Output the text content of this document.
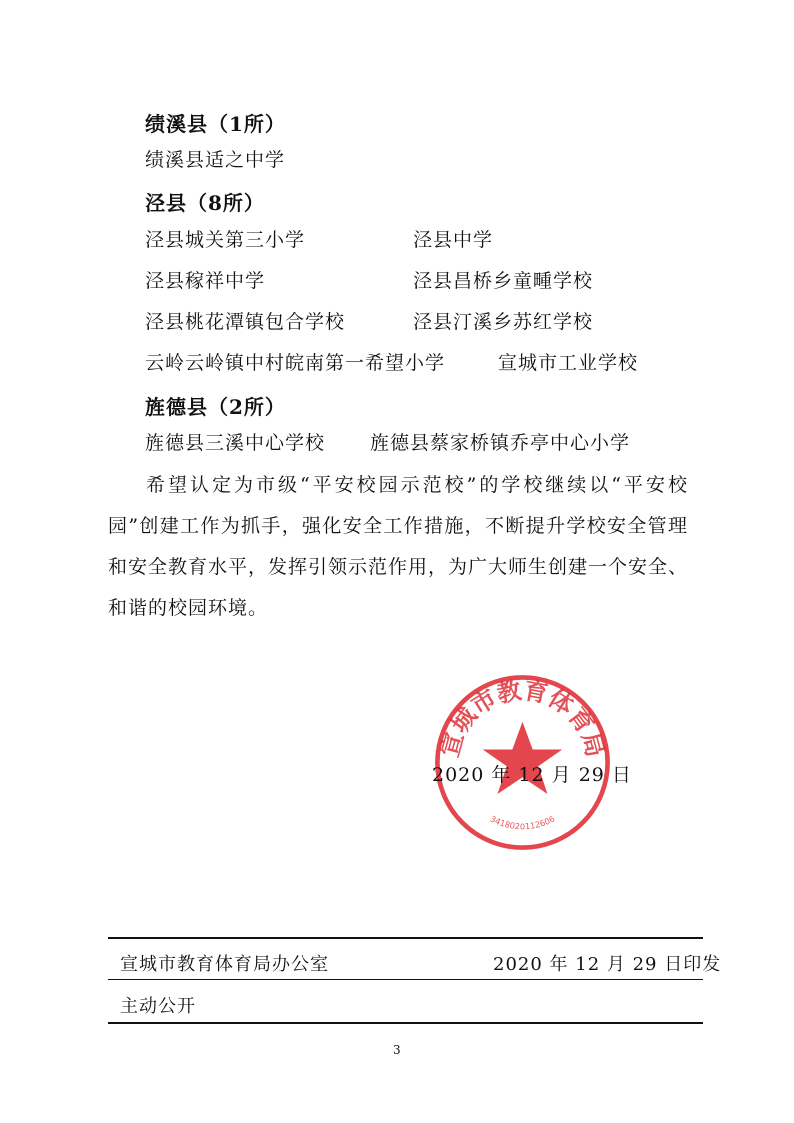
绩溪县（1所）
绩溪县适之中学
泾县（8所）
泾县城关第三小学	泾县中学
泾县稼祥中学	泾县昌桥乡童畽学校
泾县桃花潭镇包合学校	泾县汀溪乡苏红学校
云岭云岭镇中村皖南第一希望小学	宣城市工业学校
旌德县（2所）
旌德县三溪中心学校 旌德县蔡家桥镇乔亭中心小学
希望认定为市级“平安校园示范校”的学校继续以“平安校园”创建工作为抓手，强化安全工作措施，不断提升学校安全管理和安全教育水平，发挥引领示范作用，为广大师生创建一个安全、和谐的校园环境。
宣城市教育体育局
3418020112606
2020 年 12 月 29 日
宣城市教育体育局办公室	2020 年 12 月 29 日印发
主动公开
3
